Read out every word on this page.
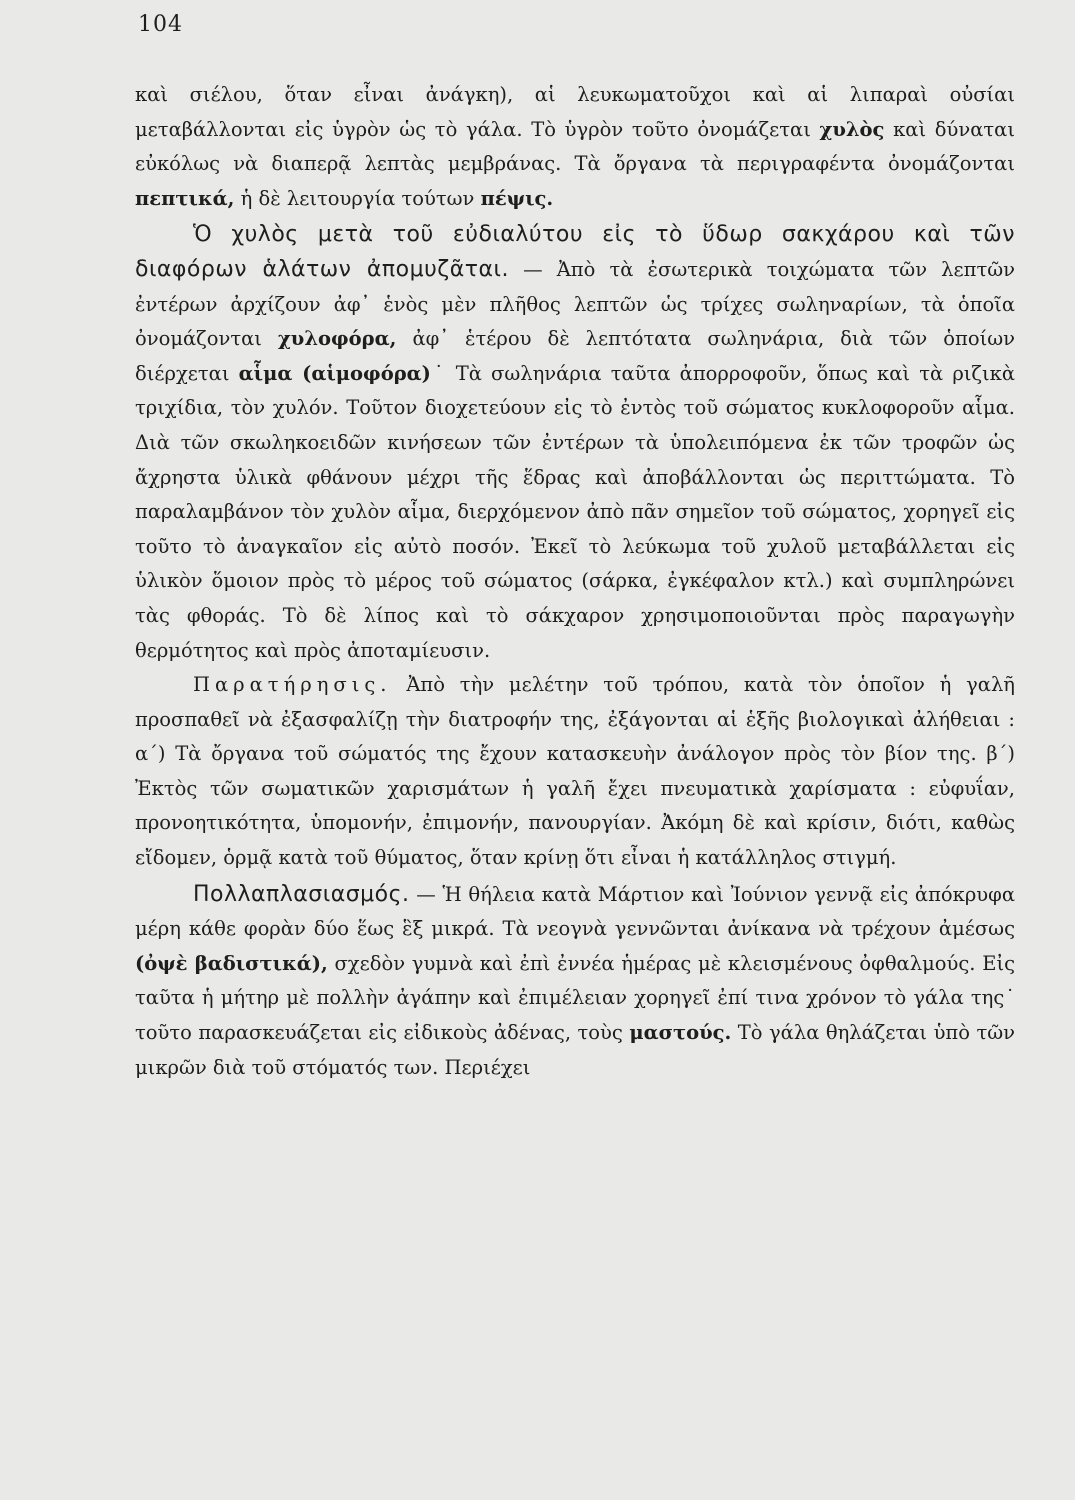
104

καὶ σιέλου, ὅταν εἶναι ἀνάγκη), αἱ λευκωματοῦχοι καὶ αἱ λιπαραὶ οὐσίαι μεταβάλλονται εἰς ὑγρὸν ὡς τὸ γάλα. Τὸ ὑγρὸν τοῦτο ὀνομάζεται χυλὸς καὶ δύναται εὐκόλως νὰ διαπερᾷ λεπτὰς μεμβράνας. Τὰ ὄργανα τὰ περιγραφέντα ὀνομάζονται πεπτικά, ἡ δὲ λειτουργία τούτων πέψις.

Ὁ χυλὸς μετὰ τοῦ εὐδιαλύτου εἰς τὸ ὕδωρ σακχάρου καὶ τῶν διαφόρων ἁλάτων ἀπομυζᾶται. — Ἀπὸ τὰ ἐσωτερικὰ τοιχώματα τῶν λεπτῶν ἐντέρων ἀρχίζουν ἀφ᾽ ἑνὸς μὲν πλῆθος λεπτῶν ὡς τρίχες σωληναρίων, τὰ ὁποῖα ὀνομάζονται χυλοφόρα, ἀφ᾽ ἑτέρου δὲ λεπτότατα σωληνάρια, διὰ τῶν ὁποίων διέρχεται αἷμα (αἱμοφόρα)˙ Τὰ σωληνάρια ταῦτα ἀπορροφοῦν, ὅπως καὶ τὰ ριζικὰ τριχίδια, τὸν χυλόν. Τοῦτον διοχετεύουν εἰς τὸ ἐντὸς τοῦ σώματος κυκλοφοροῦν αἷμα. Διὰ τῶν σκωληκοειδῶν κινήσεων τῶν ἐντέρων τὰ ὑπολειπόμενα ἐκ τῶν τροφῶν ὡς ἄχρηστα ὑλικὰ φθάνουν μέχρι τῆς ἕδρας καὶ ἀποβάλλονται ὡς περιττώματα. Τὸ παραλαμβάνον τὸν χυλὸν αἷμα, διερχόμενον ἀπὸ πᾶν σημεῖον τοῦ σώματος, χορηγεῖ εἰς τοῦτο τὸ ἀναγκαῖον εἰς αὐτὸ ποσόν. Ἐκεῖ τὸ λεύκωμα τοῦ χυλοῦ μεταβάλλεται εἰς ὑλικὸν ὅμοιον πρὸς τὸ μέρος τοῦ σώματος (σάρκα, ἐγκέφαλον κτλ.) καὶ συμπληρώνει τὰς φθοράς. Τὸ δὲ λίπος καὶ τὸ σάκχαρον χρησιμοποιοῦνται πρὸς παραγωγὴν θερμότητος καὶ πρὸς ἀποταμίευσιν.

Παρατήρησις. Ἀπὸ τὴν μελέτην τοῦ τρόπου, κατὰ τὸν ὁποῖον ἡ γαλῆ προσπαθεῖ νὰ ἐξασφαλίζῃ τὴν διατροφήν της, ἐξάγονται αἱ ἑξῆς βιολογικαὶ ἀλήθειαι : α΄) Τὰ ὄργανα τοῦ σώματός της ἔχουν κατασκευὴν ἀνάλογον πρὸς τὸν βίον της. β΄) Ἐκτὸς τῶν σωματικῶν χαρισμάτων ἡ γαλῆ ἔχει πνευματικὰ χαρίσματα : εὐφυΐαν, προνοητικότητα, ὑπομονήν, ἐπιμονήν, πανουργίαν. Ἀκόμη δὲ καὶ κρίσιν, διότι, καθὼς εἴδομεν, ὁρμᾷ κατὰ τοῦ θύματος, ὅταν κρίνῃ ὅτι εἶναι ἡ κατάλληλος στιγμή.

Πολλαπλασιασμός. — Ἡ θήλεια κατὰ Μάρτιον καὶ Ἰούνιον γεννᾷ εἰς ἀπόκρυφα μέρη κάθε φορὰν δύο ἕως ἓξ μικρά. Τὰ νεογνὰ γεννῶνται ἀνίκανα νὰ τρέχουν ἀμέσως (ὀψὲ βαδιστικά), σχεδὸν γυμνὰ καὶ ἐπὶ ἐννέα ἡμέρας μὲ κλεισμένους ὀφθαλμούς. Εἰς ταῦτα ἡ μήτηρ μὲ πολλὴν ἀγάπην καὶ ἐπιμέλειαν χορηγεῖ ἐπί τινα χρόνον τὸ γάλα της˙ τοῦτο παρασκευάζεται εἰς εἰδικοὺς ἀδένας, τοὺς μαστούς. Τὸ γάλα θηλάζεται ὑπὸ τῶν μικρῶν διὰ τοῦ στόματός των. Περιέχει
